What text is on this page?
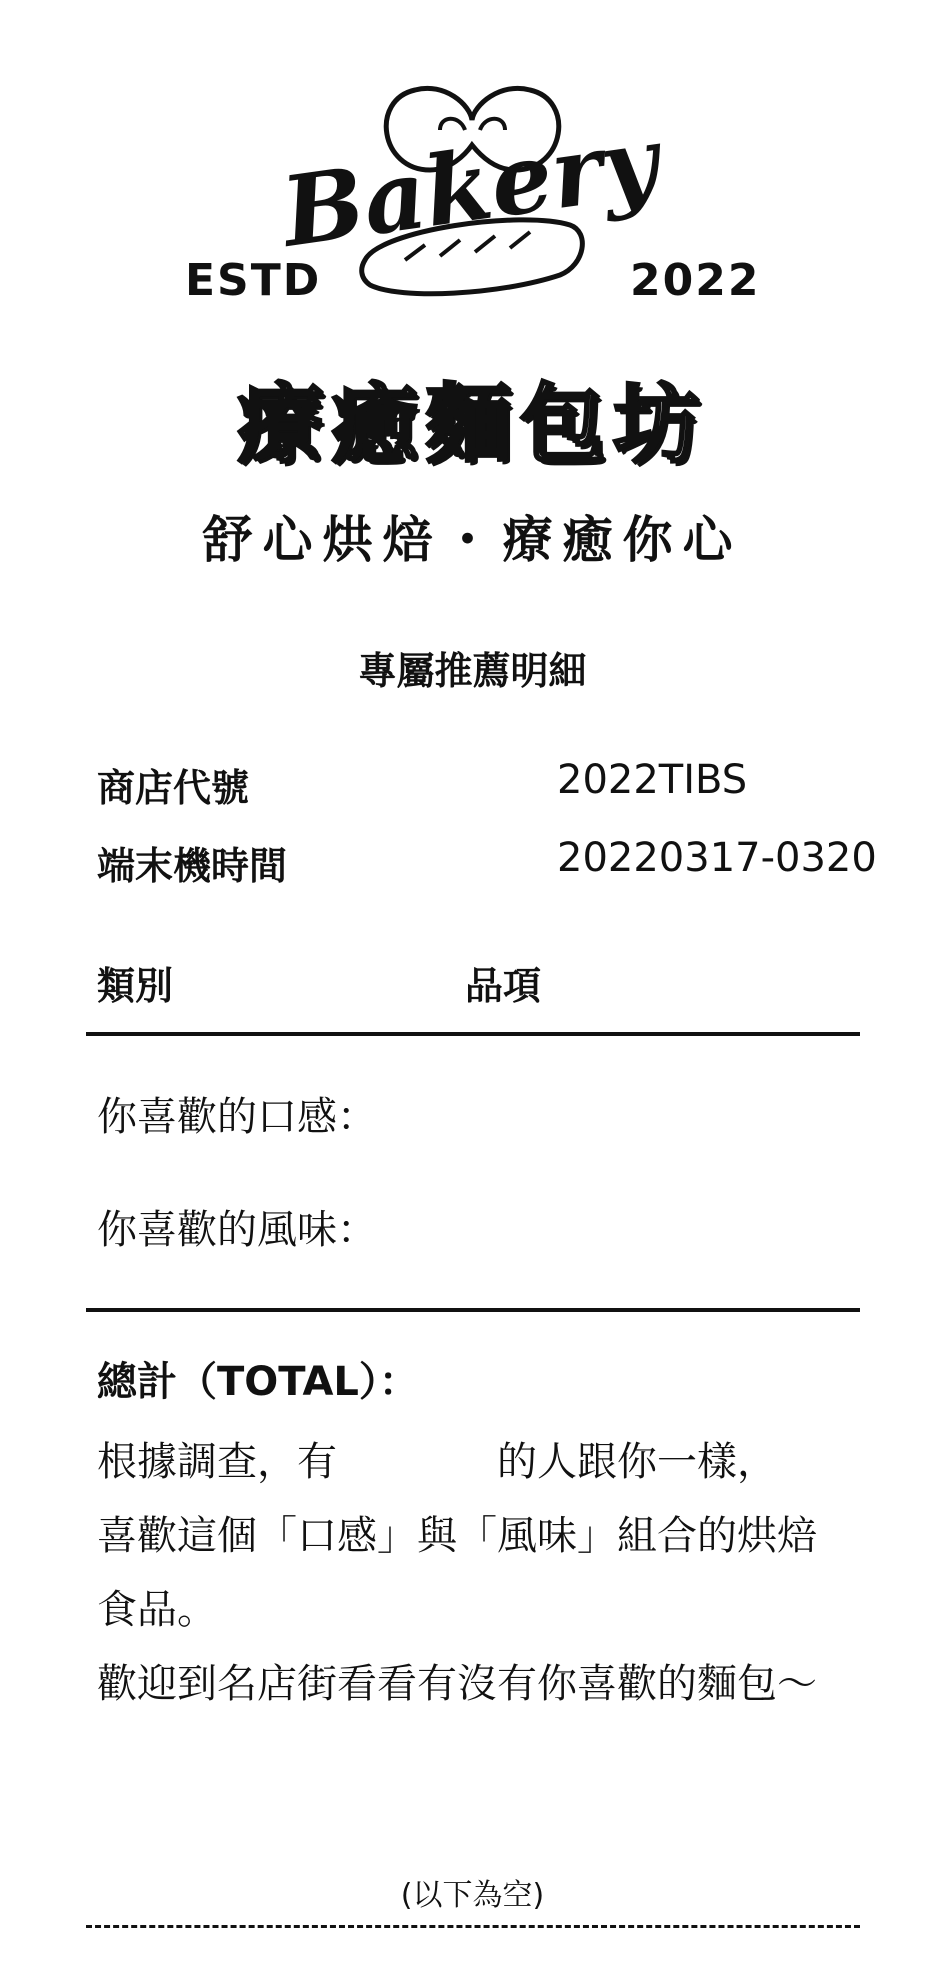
Bakery
ESTD	2022
療癒麵包坊
舒心烘焙・療癒你心
專屬推薦明細
商店代號	2022TIBS
端末機時間	20220317-0320
類別	品項
你喜歡的口感：
你喜歡的風味：
總計（TOTAL）：
根據調查，有　　　　的人跟你一樣，
喜歡這個「口感」與「風味」組合的烘焙
食品。
歡迎到名店街看看有沒有你喜歡的麵包～
(以下為空)
